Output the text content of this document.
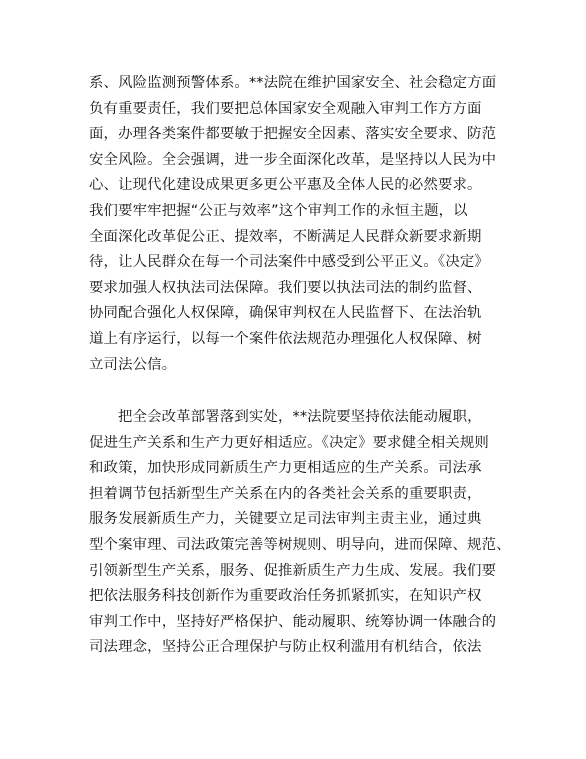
系、风险监测预警体系。**法院在维护国家安全、社会稳定方面
负有重要责任，我们要把总体国家安全观融入审判工作方方面
面，办理各类案件都要敏于把握安全因素、落实安全要求、防范
安全风险。全会强调，进一步全面深化改革，是坚持以人民为中
心、让现代化建设成果更多更公平惠及全体人民的必然要求。
我们要牢牢把握“公正与效率”这个审判工作的永恒主题，以
全面深化改革促公正、提效率，不断满足人民群众新要求新期
待，让人民群众在每一个司法案件中感受到公平正义。《决定》
要求加强人权执法司法保障。我们要以执法司法的制约监督、
协同配合强化人权保障，确保审判权在人民监督下、在法治轨
道上有序运行，以每一个案件依法规范办理强化人权保障、树
立司法公信。
把全会改革部署落到实处，**法院要坚持依法能动履职，
促进生产关系和生产力更好相适应。《决定》要求健全相关规则
和政策，加快形成同新质生产力更相适应的生产关系。司法承
担着调节包括新型生产关系在内的各类社会关系的重要职责，
服务发展新质生产力，关键要立足司法审判主责主业，通过典
型个案审理、司法政策完善等树规则、明导向，进而保障、规范、
引领新型生产关系，服务、促推新质生产力生成、发展。我们要
把依法服务科技创新作为重要政治任务抓紧抓实，在知识产权
审判工作中，坚持好严格保护、能动履职、统筹协调一体融合的
司法理念，坚持公正合理保护与防止权利滥用有机结合，依法
